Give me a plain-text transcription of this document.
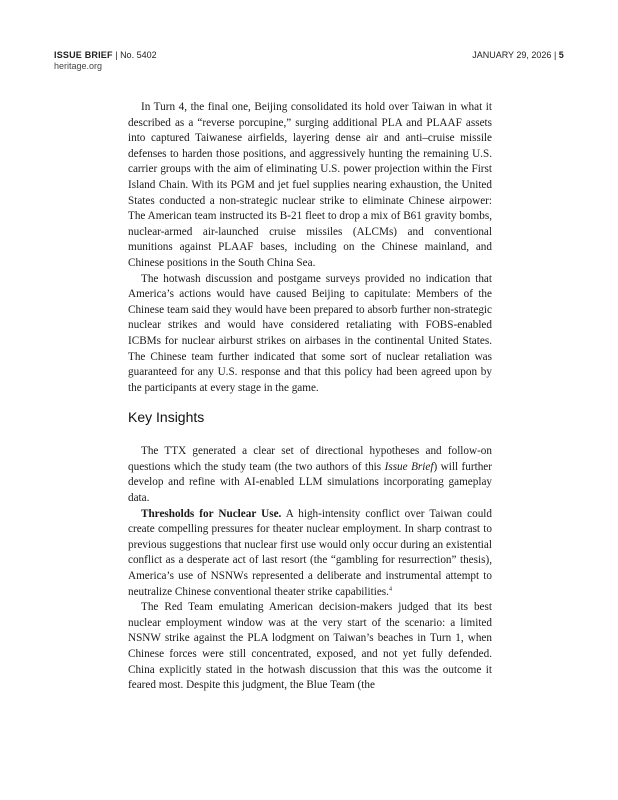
ISSUE BRIEF | No. 5402
heritage.org
JANUARY 29, 2026 | 5

In Turn 4, the final one, Beijing consolidated its hold over Taiwan in what it described as a “reverse porcupine,” surging additional PLA and PLAAF assets into captured Taiwanese airfields, layering dense air and anti–cruise missile defenses to harden those positions, and aggressively hunting the remaining U.S. carrier groups with the aim of eliminating U.S. power projection within the First Island Chain. With its PGM and jet fuel supplies nearing exhaustion, the United States conducted a non-strategic nuclear strike to eliminate Chinese airpower: The American team instructed its B-21 fleet to drop a mix of B61 gravity bombs, nuclear-armed air-launched cruise missiles (ALCMs) and conventional munitions against PLAAF bases, including on the Chinese mainland, and Chinese positions in the South China Sea.

The hotwash discussion and postgame surveys provided no indication that America’s actions would have caused Beijing to capitulate: Members of the Chinese team said they would have been prepared to absorb further non-strategic nuclear strikes and would have considered retaliating with FOBS-enabled ICBMs for nuclear airburst strikes on airbases in the continental United States. The Chinese team further indicated that some sort of nuclear retaliation was guaranteed for any U.S. response and that this policy had been agreed upon by the participants at every stage in the game.

Key Insights

The TTX generated a clear set of directional hypotheses and follow-on questions which the study team (the two authors of this Issue Brief) will further develop and refine with AI-enabled LLM simulations incorporating gameplay data.

Thresholds for Nuclear Use. A high-intensity conflict over Taiwan could create compelling pressures for theater nuclear employment. In sharp contrast to previous suggestions that nuclear first use would only occur during an existential conflict as a desperate act of last resort (the “gambling for resurrection” thesis), America’s use of NSNWs represented a deliberate and instrumental attempt to neutralize Chinese conventional theater strike capabilities.$^4$

The Red Team emulating American decision-makers judged that its best nuclear employment window was at the very start of the scenario: a limited NSNW strike against the PLA lodgment on Taiwan’s beaches in Turn 1, when Chinese forces were still concentrated, exposed, and not yet fully defended. China explicitly stated in the hotwash discussion that this was the outcome it feared most. Despite this judgment, the Blue Team (the
